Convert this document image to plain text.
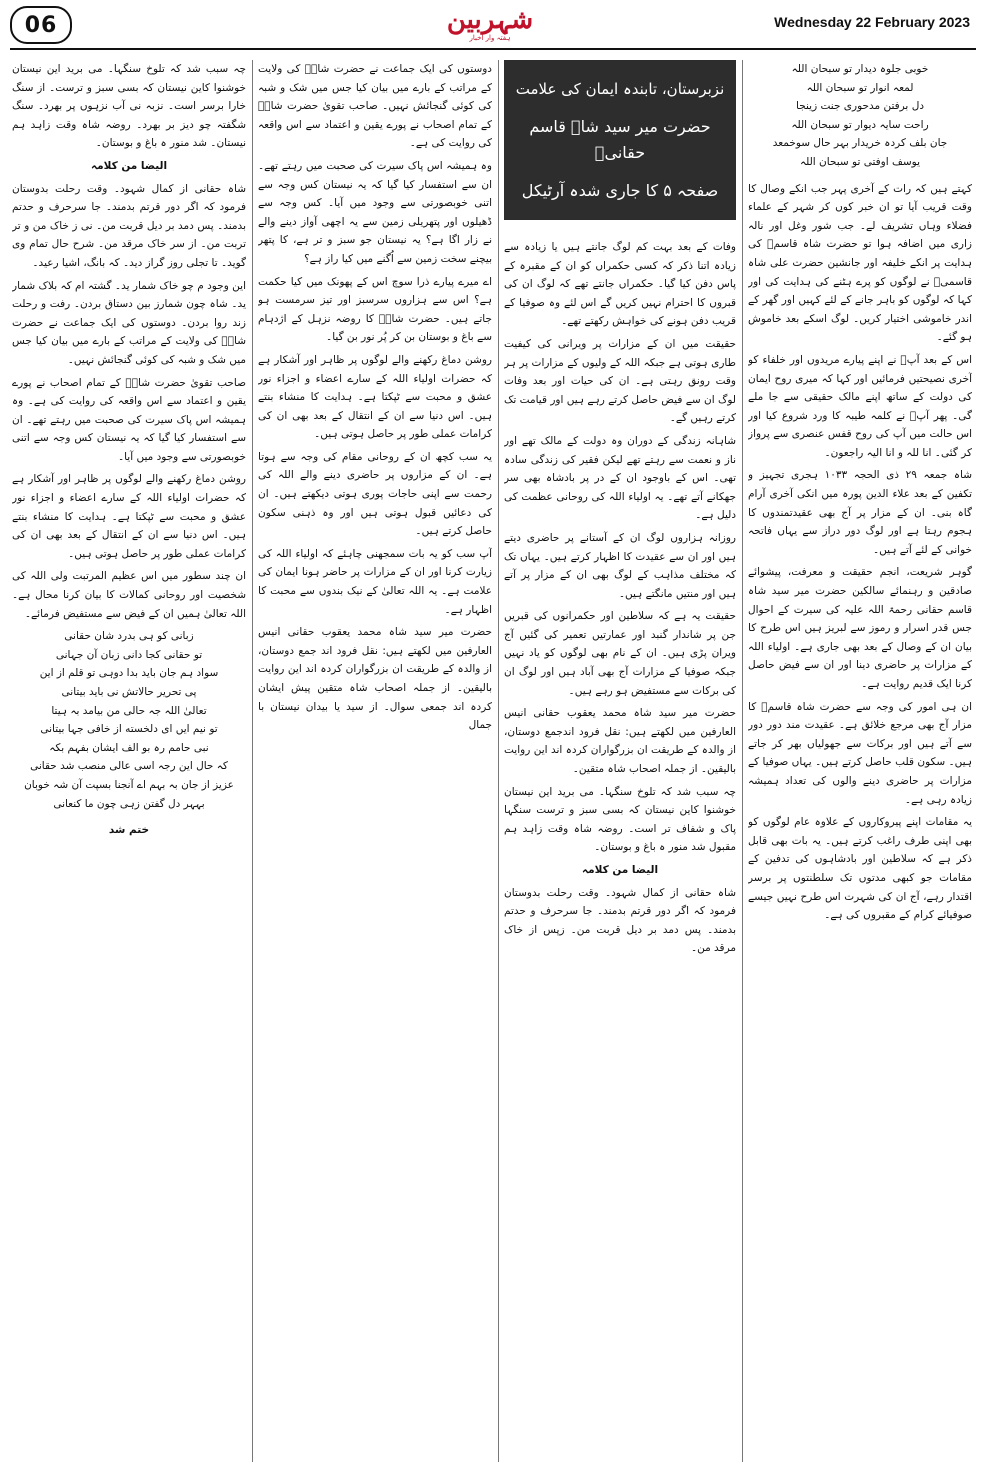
06	شہربین
ہفتہ وار اخبار
Wednesday 22 February 2023

خوبی جلوہ دیدار تو سبحان اللہ

لمعہ انوار تو سبحان اللہ

دل برفتن مدحوری جنت زینجا

راحت سایہ دیوار تو سبحان اللہ

جان بلف کردہ خریدار بہر حال سوخمعد

یوسف اوفتی تو سبحان اللہ

کہتے ہیں کہ رات کے آخری پہر جب انکے وصال کا وقت قریب آیا تو ان خبر کوں کر شہر کے علماء فضلاء وہاں تشریف لے۔ جب شور وغل اور نالہ زاری میں اضافہ ہوا تو حضرت شاہ قاسمؒ کی ہدایت پر انکے خلیفہ اور جانشین حضرت علی شاہ قاسمیؒ نے لوگوں کو پرے ہٹنے کی ہدایت کی اور کہا کہ لوگوں کو باہر جانے کے لئے کہیں اور گھر کے اندر خاموشی اختیار کریں۔ لوگ اسکے بعد خاموش ہو گئے۔

اس کے بعد آپؒ نے اپنے پیارے مریدوں اور خلفاء کو آخری نصیحتیں فرمائیں اور کہا کہ میری روح ایمان کی دولت کے ساتھ اپنے مالک حقیقی سے جا ملے گی۔ پھر آپؒ نے کلمہ طیبہ کا ورد شروع کیا اور اس حالت میں آپ کی روح قفس عنصری سے پرواز کر گئی۔ انا للہ و انا الیہ راجعون۔

شاہ جمعہ ۲۹ ذی الحجہ ۱۰۳۳ ہجری تجہیز و تکفین کے بعد علاء الدین پورہ میں انکی آخری آرام گاہ بنی۔ ان کے مزار پر آج بھی عقیدتمندوں کا ہجوم رہتا ہے اور لوگ دور دراز سے یہاں فاتحہ خوانی کے لئے آتے ہیں۔

گوہر شریعت، انجم حقیقت و معرفت، پیشوائے صادقین و رہنمائے سالکین حضرت میر سید شاہ قاسم حقانی رحمۃ اللہ علیہ کی سیرت کے احوال جس قدر اسرار و رموز سے لبریز ہیں اس طرح کا بیان ان کے وصال کے بعد بھی جاری ہے۔ اولیاء اللہ کے مزارات پر حاضری دینا اور ان سے فیض حاصل کرنا ایک قدیم روایت ہے۔

ان ہی امور کی وجہ سے حضرت شاہ قاسمؒ کا مزار آج بھی مرجع خلائق ہے۔ عقیدت مند دور دور سے آتے ہیں اور برکات سے جھولیاں بھر کر جاتے ہیں۔ سکون قلب حاصل کرتے ہیں۔ یہاں صوفیا کے مزارات پر حاضری دینے والوں کی تعداد ہمیشہ زیادہ رہی ہے۔

یہ مقامات اپنے پیروکاروں کے علاوہ عام لوگوں کو بھی اپنی طرف راغب کرتے ہیں۔ یہ بات بھی قابل ذکر ہے کہ سلاطین اور بادشاہوں کی تدفین کے مقامات جو کبھی مدتوں تک سلطنتوں پر برسر اقتدار رہے، آج ان کی شہرت اس طرح نہیں جیسے صوفیائے کرام کے مقبروں کی ہے۔

نزبرستان، تابندہ ایمان کی علامت
حضرت میر سید شاہ قاسم حقانیؒ
صفحہ ۵ کا جاری شدہ آرٹیکل

وفات کے بعد بہت کم لوگ جانتے ہیں یا زیادہ سے زیادہ اتنا ذکر کہ کسی حکمراں کو ان کے مقبرہ کے پاس دفن کیا گیا۔ حکمراں جانتے تھے کہ لوگ ان کی قبروں کا احترام نہیں کریں گے اس لئے وہ صوفیا کے قریب دفن ہونے کی خواہش رکھتے تھے۔

حقیقت میں ان کے مزارات پر ویرانی کی کیفیت طاری ہوتی ہے جبکہ اللہ کے ولیوں کے مزارات پر ہر وقت رونق رہتی ہے۔ ان کی حیات اور بعد وفات لوگ ان سے فیض حاصل کرتے رہے ہیں اور قیامت تک کرتے رہیں گے۔

شاہانہ زندگی کے دوران وہ دولت کے مالک تھے اور ناز و نعمت سے رہتے تھے لیکن فقیر کی زندگی سادہ تھی۔ اس کے باوجود ان کے در پر بادشاہ بھی سر جھکانے آتے تھے۔ یہ اولیاء اللہ کی روحانی عظمت کی دلیل ہے۔

روزانہ ہزاروں لوگ ان کے آستانے پر حاضری دیتے ہیں اور ان سے عقیدت کا اظہار کرتے ہیں۔ یہاں تک کہ مختلف مذاہب کے لوگ بھی ان کے مزار پر آتے ہیں اور منتیں مانگتے ہیں۔

حقیقت یہ ہے کہ سلاطین اور حکمرانوں کی قبریں جن پر شاندار گنبد اور عمارتیں تعمیر کی گئیں آج ویران پڑی ہیں۔ ان کے نام بھی لوگوں کو یاد نہیں جبکہ صوفیا کے مزارات آج بھی آباد ہیں اور لوگ ان کی برکات سے مستفیض ہو رہے ہیں۔

حضرت میر سید شاہ محمد یعقوب حقانی انیس العارفین میں لکھتے ہیں: نقل فرود اندجمع دوستان، از والدہ کے طریقت ان بزرگواران کردہ اند این روایت بالیقین۔ از جملہ اصحاب شاہ متقین۔

چہ سبب شد کہ تلوخ سنگہا۔ می برید این نیستان خوشنوا کاین نیستان کہ بسی سبز و ترست سنگہا پاک و شفاف تر است۔ روضہ شاہ وقت زاہد ہم مقبول شد منور ہ باغ و بوستان۔

الیضا من کلامہ

شاہ حقانی از کمال شہود۔ وقت رحلت بدوستان فرمود کہ اگر دور قرتم بدمند۔ جا سرحرف و حدتم بدمند۔ پس دمد بر دیل قربت من۔ زپس از خاک مرقد من۔

دوستوں کی ایک جماعت نے حضرت شاہؒ کی ولایت کے مراتب کے بارے میں بیان کیا جس میں شک و شبہ کی کوئی گنجائش نہیں۔ صاحب تقویٰ حضرت شاہؒ کے تمام اصحاب نے پورے یقین و اعتماد سے اس واقعہ کی روایت کی ہے۔

وہ ہمیشہ اس پاک سیرت کی صحبت میں رہتے تھے۔ ان سے استفسار کیا گیا کہ یہ نیستان کس وجہ سے اتنی خوبصورتی سے وجود میں آیا۔ کس وجہ سے ڈھیلوں اور پتھریلی زمین سے یہ اچھی آواز دینے والے نے زار اگا ہے؟ یہ نیستان جو سبز و تر ہے، کا پتھر بیچنے سخت زمین سے اُگنے میں کیا راز ہے؟

اے میرے پیارے ذرا سوچ اس کے پھونک میں کیا حکمت ہے؟ اس سے ہزاروں سرسبز اور تیز سرمست ہو جاتے ہیں۔ حضرت شاہؒ کا روضہ نزہل کے اژدہام سے باغ و بوستان بن کر پُر نور بن گیا۔

روشن دماغ رکھنے والے لوگوں پر ظاہر اور آشکار ہے کہ حضرات اولیاء اللہ کے سارے اعضاء و اجزاء نور عشق و محبت سے ٹپکتا ہے۔ ہدایت کا منشاء بنتے ہیں۔ اس دنیا سے ان کے انتقال کے بعد بھی ان کی کرامات عملی طور پر حاصل ہوتی ہیں۔

یہ سب کچھ ان کے روحانی مقام کی وجہ سے ہوتا ہے۔ ان کے مزاروں پر حاضری دینے والے اللہ کی رحمت سے اپنی حاجات پوری ہوتی دیکھتے ہیں۔ ان کی دعائیں قبول ہوتی ہیں اور وہ ذہنی سکون حاصل کرتے ہیں۔

آپ سب کو یہ بات سمجھنی چاہئے کہ اولیاء اللہ کی زیارت کرنا اور ان کے مزارات پر حاضر ہونا ایمان کی علامت ہے۔ یہ اللہ تعالیٰ کے نیک بندوں سے محبت کا اظہار ہے۔

حضرت میر سید شاہ محمد یعقوب حقانی انیس العارفین میں لکھتے ہیں: نقل فرود اند جمع دوستان، از والدہ کے طریقت ان بزرگواران کردہ اند این روایت بالیقین۔ از جملہ اصحاب شاہ متقین پیش ایشان کردہ اند جمعی سوال۔ از سید یا بیدان نیستان با جمال

چہ سبب شد کہ تلوخ سنگہا۔ می برید این نیستان خوشنوا کاین نیستان کہ بسی سبز و ترست۔ از سنگ خارا برسر است۔ نزبہ نی آب نزہوں پر بھرد۔ سنگ شگفتہ چو دیز بر بھرد۔ روضہ شاہ وقت زاہد ہم نیستان۔ شد منور ہ باغ و بوستان۔

الیضا من کلامہ

شاہ حقانی از کمال شہود۔ وقت رحلت بدوستان فرمود کہ اگر دور قرتم بدمند۔ جا سرحرف و حدتم بدمند۔ پس دمد بر دیل قربت من۔ نی ز خاک من و تر تربت من۔ از سر خاک مرقد من۔ شرح حال تمام وی گوید۔ تا تجلی روز گراز دید۔ کہ بانگ، اشیا رعید۔

این وجود م چو خاک شمار ید۔ گشتہ ام کہ بلاک شمار ید۔ شاہ چون شمارز بین دستاق بردن۔ رفت و رحلت زند روا بردن۔ دوستوں کی ایک جماعت نے حضرت شاہؒ کی ولایت کے مراتب کے بارے میں بیان کیا جس میں شک و شبہ کی کوئی گنجائش نہیں۔

صاحب تقویٰ حضرت شاہؒ کے تمام اصحاب نے پورے یقین و اعتماد سے اس واقعہ کی روایت کی ہے۔ وہ ہمیشہ اس پاک سیرت کی صحبت میں رہتے تھے۔ ان سے استفسار کیا گیا کہ یہ نیستان کس وجہ سے اتنی خوبصورتی سے وجود میں آیا۔

روشن دماغ رکھنے والے لوگوں پر ظاہر اور آشکار ہے کہ حضرات اولیاء اللہ کے سارے اعضاء و اجزاء نور عشق و محبت سے ٹپکتا ہے۔ ہدایت کا منشاء بنتے ہیں۔ اس دنیا سے ان کے انتقال کے بعد بھی ان کی کرامات عملی طور پر حاصل ہوتی ہیں۔

ان چند سطور میں اس عظیم المرتبت ولی اللہ کی شخصیت اور روحانی کمالات کا بیان کرنا محال ہے۔ اللہ تعالیٰ ہمیں ان کے فیض سے مستفیض فرمائے۔

زبانی کو ہی بدرد شان حقانی

تو حقانی کجا دانی زبان آن جہانی

سواد ہم جان باید بدا دوہی تو قلم از این

پی تحریر حالاتش نی باید بیتانی

تعالیٰ اللہ جہ حالی من بیامد بہ ہیتا

تو نیم ایں ای دلخسته از خافی جہا بیتانی

نبی حامم رہ بو الف ایشان بفہم بکہ

کہ حال این رجہ اسی عالی منصب شد حقانی

عزیز از جان بہ بہم اے آنجنا بسپت آن شہ خوبان

بہہر دل گفتن زہی چون ما کنعانی

ختم شد
